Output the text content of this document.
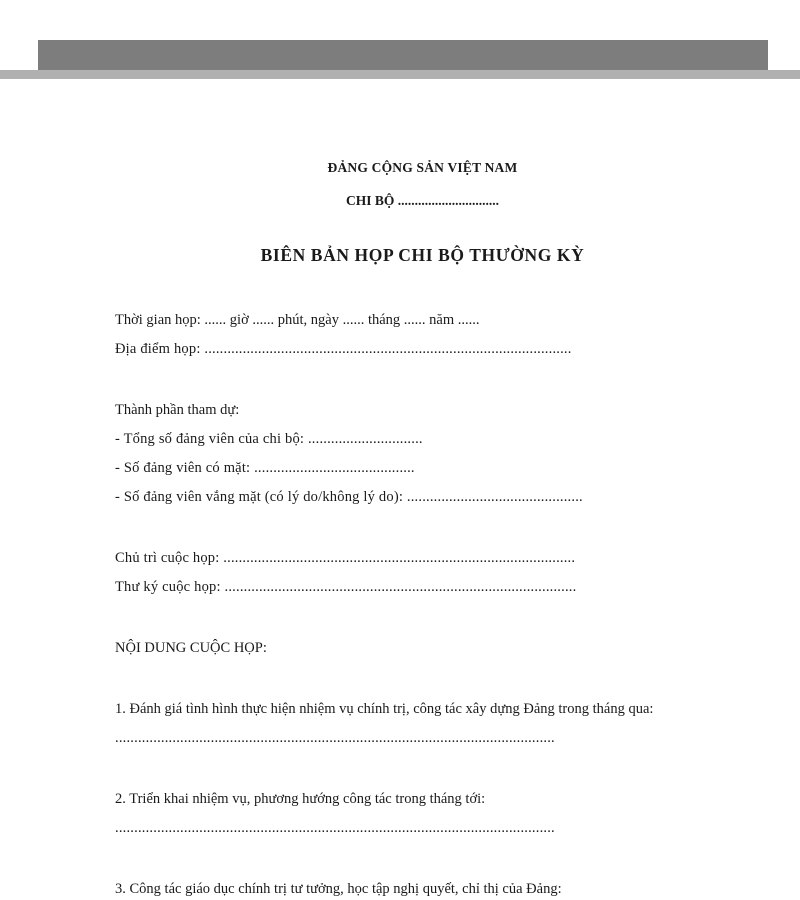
ĐẢNG CỘNG SẢN VIỆT NAM

CHI BỘ ..............................

BIÊN BẢN HỌP CHI BỘ THƯỜNG KỲ

Thời gian họp: ...... giờ ...... phút, ngày ...... tháng ...... năm ......

Địa điểm họp: ................................................................................................

Thành phần tham dự:

- Tổng số đảng viên của chi bộ: ..............................

- Số đảng viên có mặt: ..........................................

- Số đảng viên vắng mặt (có lý do/không lý do): ..............................................

Chủ trì cuộc họp: ............................................................................................

Thư ký cuộc họp: ............................................................................................

NỘI DUNG CUỘC HỌP:

1. Đánh giá tình hình thực hiện nhiệm vụ chính trị, công tác xây dựng Đảng trong tháng qua:

...................................................................................................................

2. Triển khai nhiệm vụ, phương hướng công tác trong tháng tới:

...................................................................................................................

3. Công tác giáo dục chính trị tư tưởng, học tập nghị quyết, chỉ thị của Đảng:
